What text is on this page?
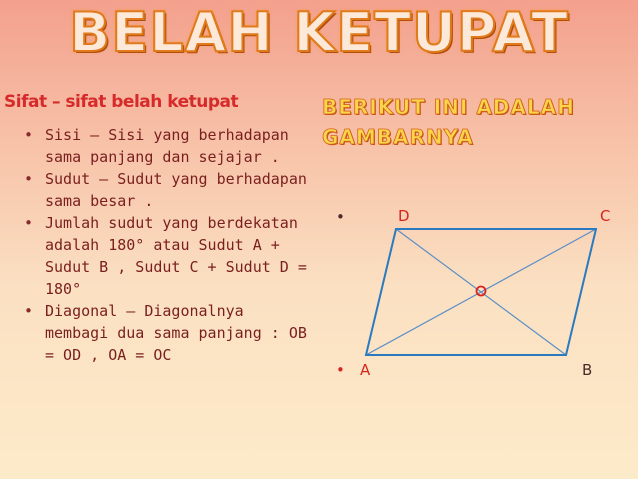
BELAH KETUPAT
Sifat – sifat belah ketupat	BERIKUT INI ADALAH GAMBARNYA
• Sisi – Sisi yang berhadapan sama panjang dan sejajar .
• Sudut – Sudut yang berhadapan sama besar .
• Jumlah sudut yang berdekatan adalah 180° atau Sudut A + Sudut B , Sudut C + Sudut D = 180°
• Diagonal – Diagonalnya membagi dua sama panjang : OB = OD , OA = OC
•	D	C
• A	B
